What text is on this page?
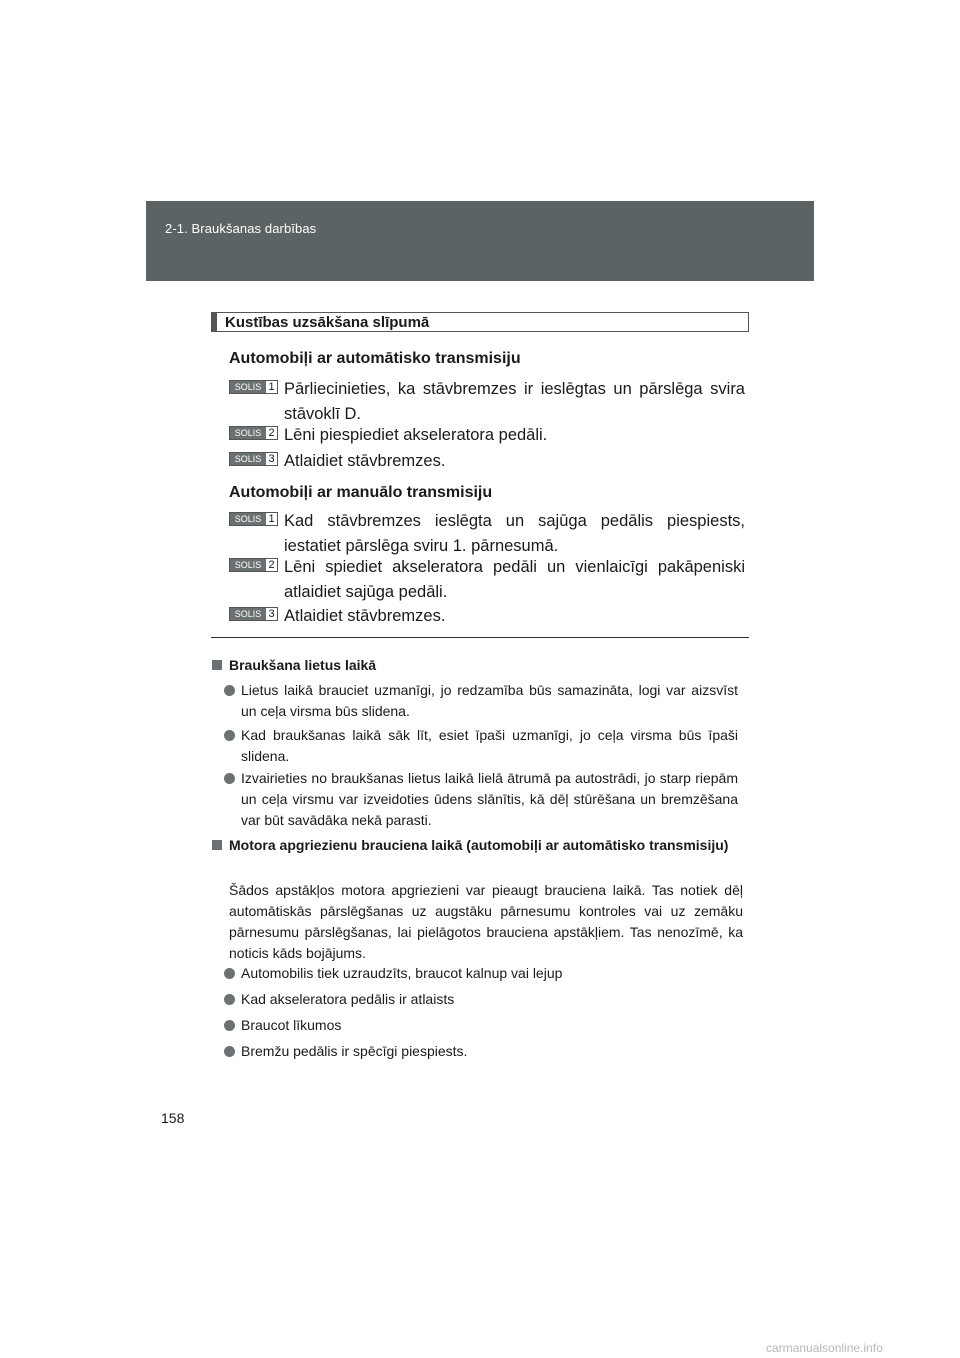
2-1. Braukšanas darbības
Kustības uzsākšana slīpumā
Automobiļi ar automātisko transmisiju
SOLIS 1 Pārliecinieties, ka stāvbremzes ir ieslēgtas un pārslēga svira stāvoklī D.
SOLIS 2 Lēni piespiediet akseleratora pedāli.
SOLIS 3 Atlaidiet stāvbremzes.
Automobiļi ar manuālo transmisiju
SOLIS 1 Kad stāvbremzes ieslēgta un sajūga pedālis piespiests, iestatiet pārslēga sviru 1. pārnesumā.
SOLIS 2 Lēni spiediet akseleratora pedāli un vienlaicīgi pakāpeniski atlaidiet sajūga pedāli.
SOLIS 3 Atlaidiet stāvbremzes.
Braukšana lietus laikā
Lietus laikā brauciet uzmanīgi, jo redzamība būs samazināta, logi var aizsvīst un ceļa virsma būs slidena.
Kad braukšanas laikā sāk līt, esiet īpaši uzmanīgi, jo ceļa virsma būs īpaši slidena.
Izvairieties no braukšanas lietus laikā lielā ātrumā pa autostrādi, jo starp riepām un ceļa virsmu var izveidoties ūdens slānītis, kā dēļ stūrēšana un bremzēšana var būt savādāka nekā parasti.
Motora apgriezienu brauciena laikā (automobiļi ar automātisko transmisiju)
Šādos apstākļos motora apgriezieni var pieaugt brauciena laikā. Tas notiek dēļ automātiskās pārslēgšanas uz augstāku pārnesumu kontroles vai uz zemāku pārnesumu pārslēgšanas, lai pielāgotos brauciena apstākļiem. Tas nenozīmē, ka noticis kāds bojājums.
Automobilis tiek uzraudzīts, braucot kalnup vai lejup
Kad akseleratora pedālis ir atlaists
Braucot līkumos
Bremžu pedālis ir spēcīgi piespiests.
158
carmanualsonline.info
